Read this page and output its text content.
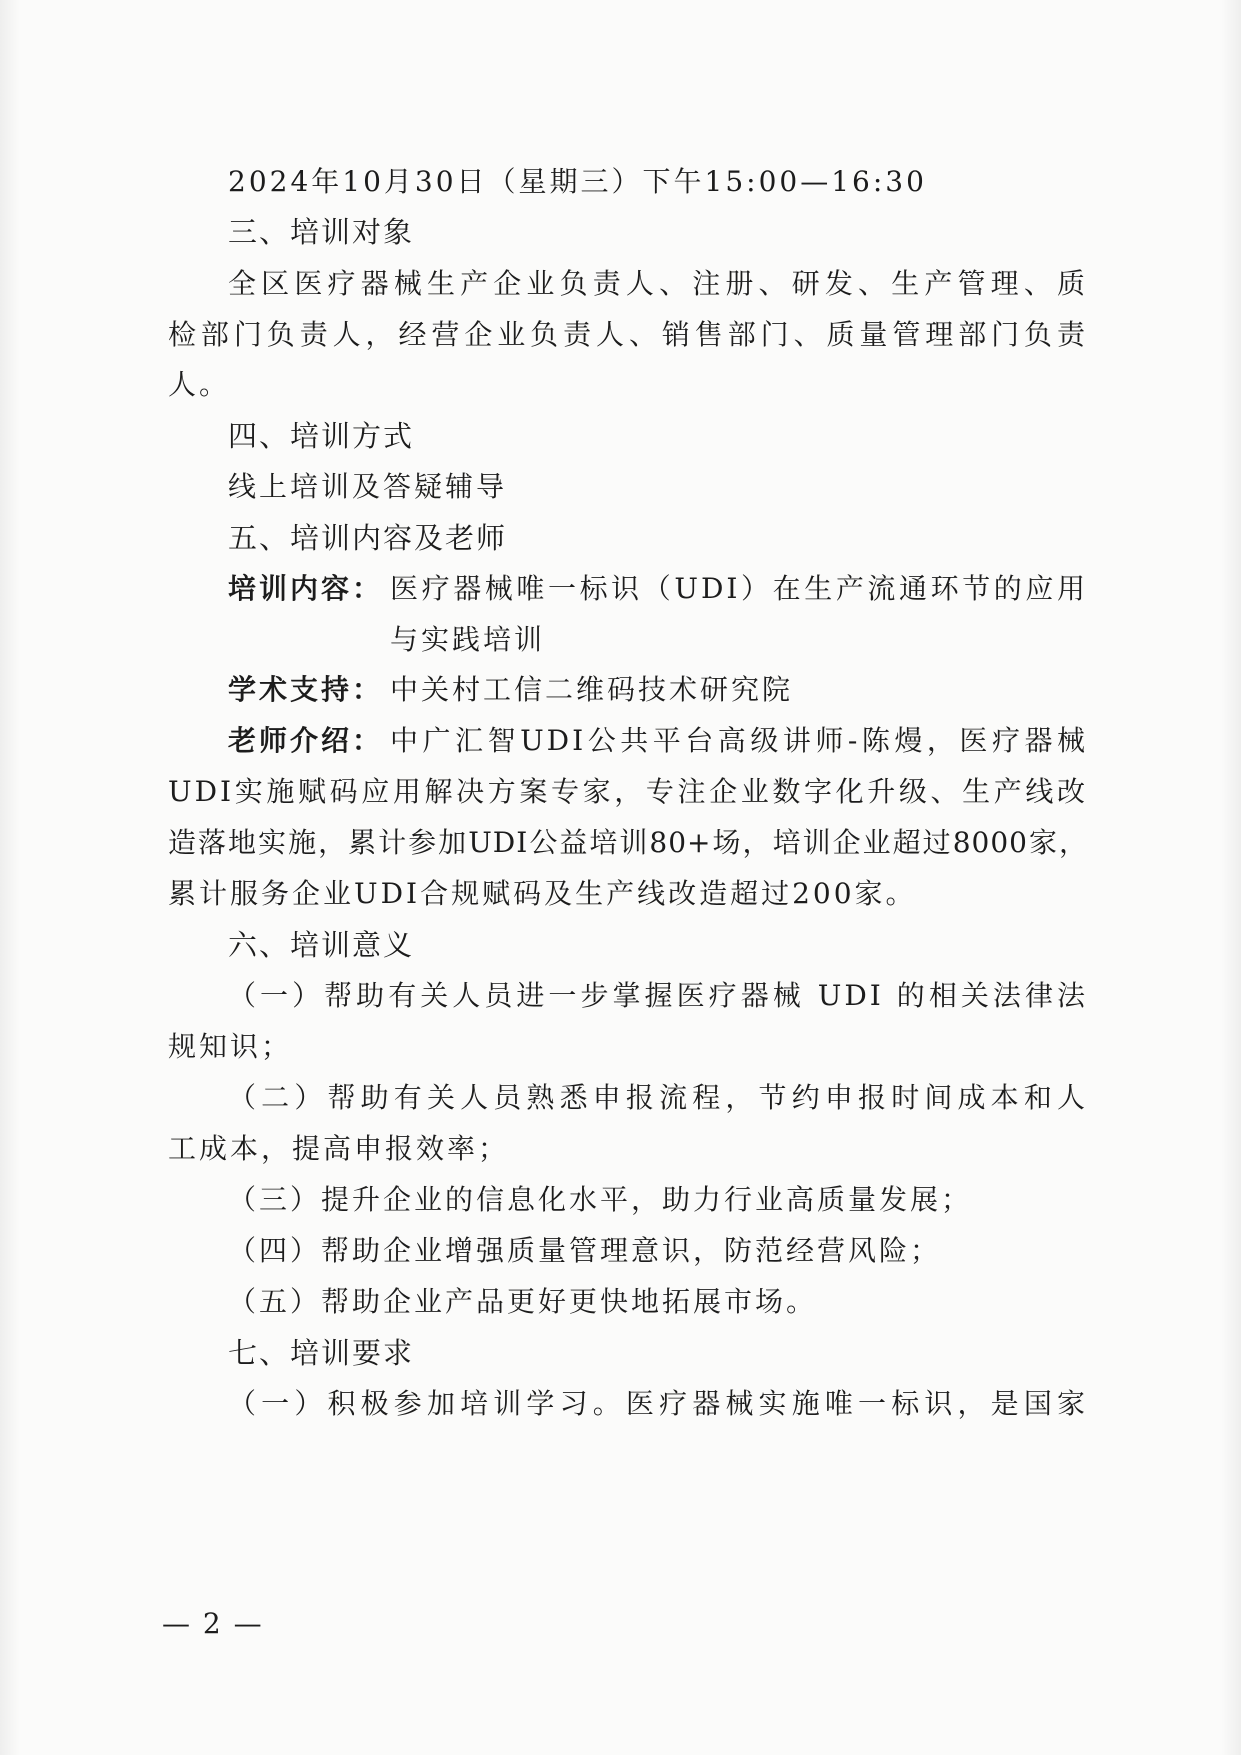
2024年10月30日（星期三）下午15:00—16:30
三、培训对象
全区医疗器械生产企业负责人、注册、研发、生产管理、质
检部门负责人，经营企业负责人、销售部门、质量管理部门负责
人。
四、培训方式
线上培训及答疑辅导
五、培训内容及老师
培训内容： 医疗器械唯一标识（UDI）在生产流通环节的应用
与实践培训
学术支持： 中关村工信二维码技术研究院
老师介绍： 中广汇智UDI公共平台高级讲师-陈熳，医疗器械
UDI实施赋码应用解决方案专家，专注企业数字化升级、生产线改
造落地实施，累计参加UDI公益培训80+场，培训企业超过8000家，
累计服务企业UDI合规赋码及生产线改造超过200家。
六、培训意义
（一）帮助有关人员进一步掌握医疗器械 UDI 的相关法律法
规知识；
（二）帮助有关人员熟悉申报流程，节约申报时间成本和人
工成本，提高申报效率；
（三）提升企业的信息化水平，助力行业高质量发展；
（四）帮助企业增强质量管理意识，防范经营风险；
（五）帮助企业产品更好更快地拓展市场。
七、培训要求
（一）积极参加培训学习。医疗器械实施唯一标识，是国家
— 2 —
